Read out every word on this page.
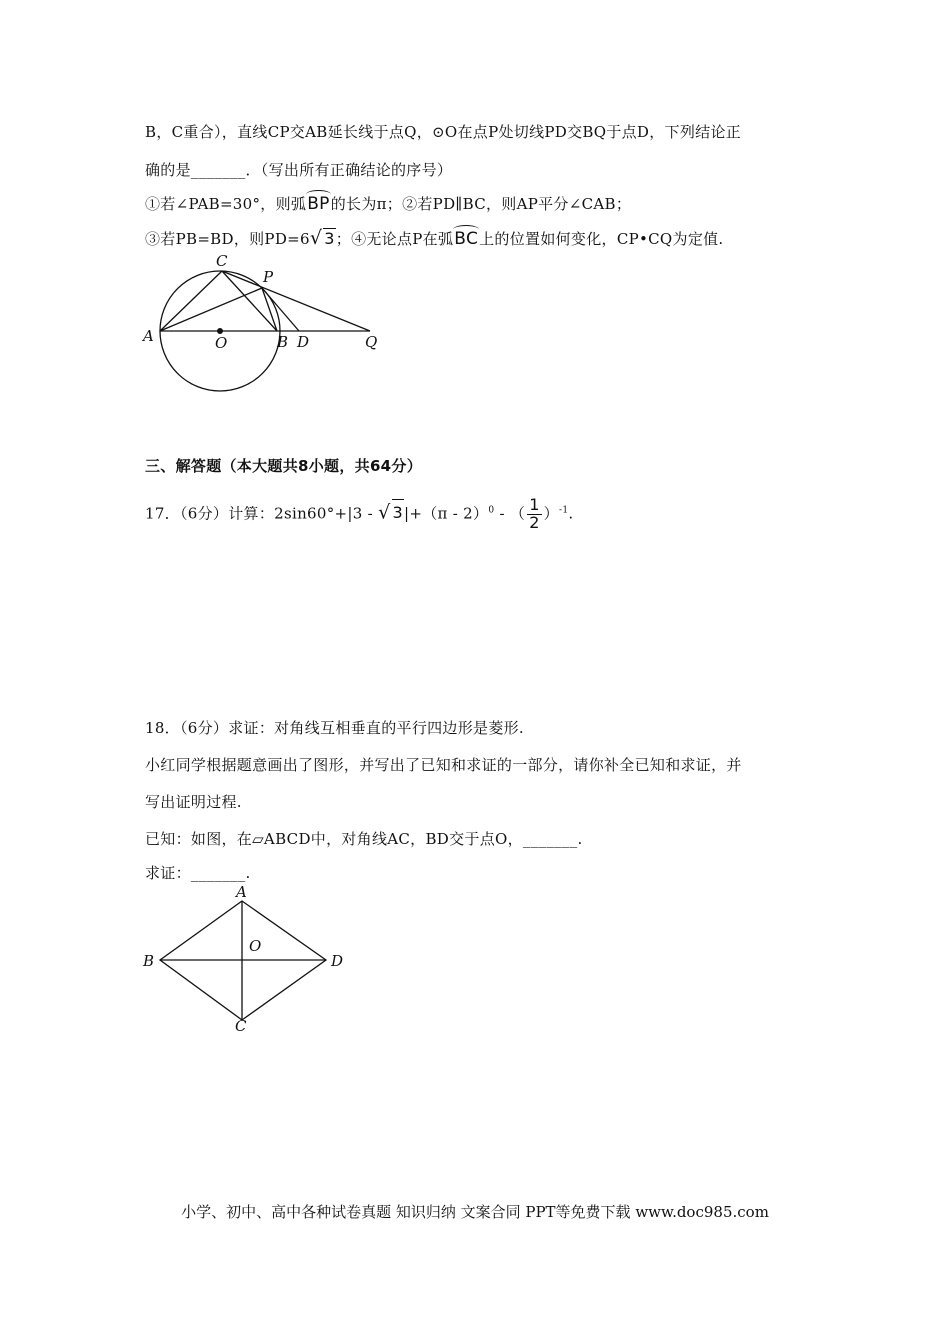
B，C重合），直线CP交AB延长线于点Q，⊙O在点P处切线PD交BQ于点D，下列结论正
确的是_______．（写出所有正确结论的序号）
①若∠PAB=30°，则弧BP的长为π；②若PD∥BC，则AP平分∠CAB；
③若PB=BD，则PD=6√ 3；④无论点P在弧BC上的位置如何变化，CP•CQ为定值.
C
P
A	O	B D	Q
三、解答题（本大题共8小题，共64分）
17．（6分）计算：2sin60°+|3 - √ 3|+（π - 2）$^0$ - （ $\frac{1}{2} )^{-1}$.
18．（6分）求证：对角线互相垂直的平行四边形是菱形.
小红同学根据题意画出了图形，并写出了已知和求证的一部分，请你补全已知和求证，并
写出证明过程.
已知：如图，在▱ABCD中，对角线AC，BD交于点O，_______.
求证：_______.
A
B
O
D
C
小学、初中、高中各种试卷真题 知识归纳 文案合同 PPT等免费下载 www.doc985.com
